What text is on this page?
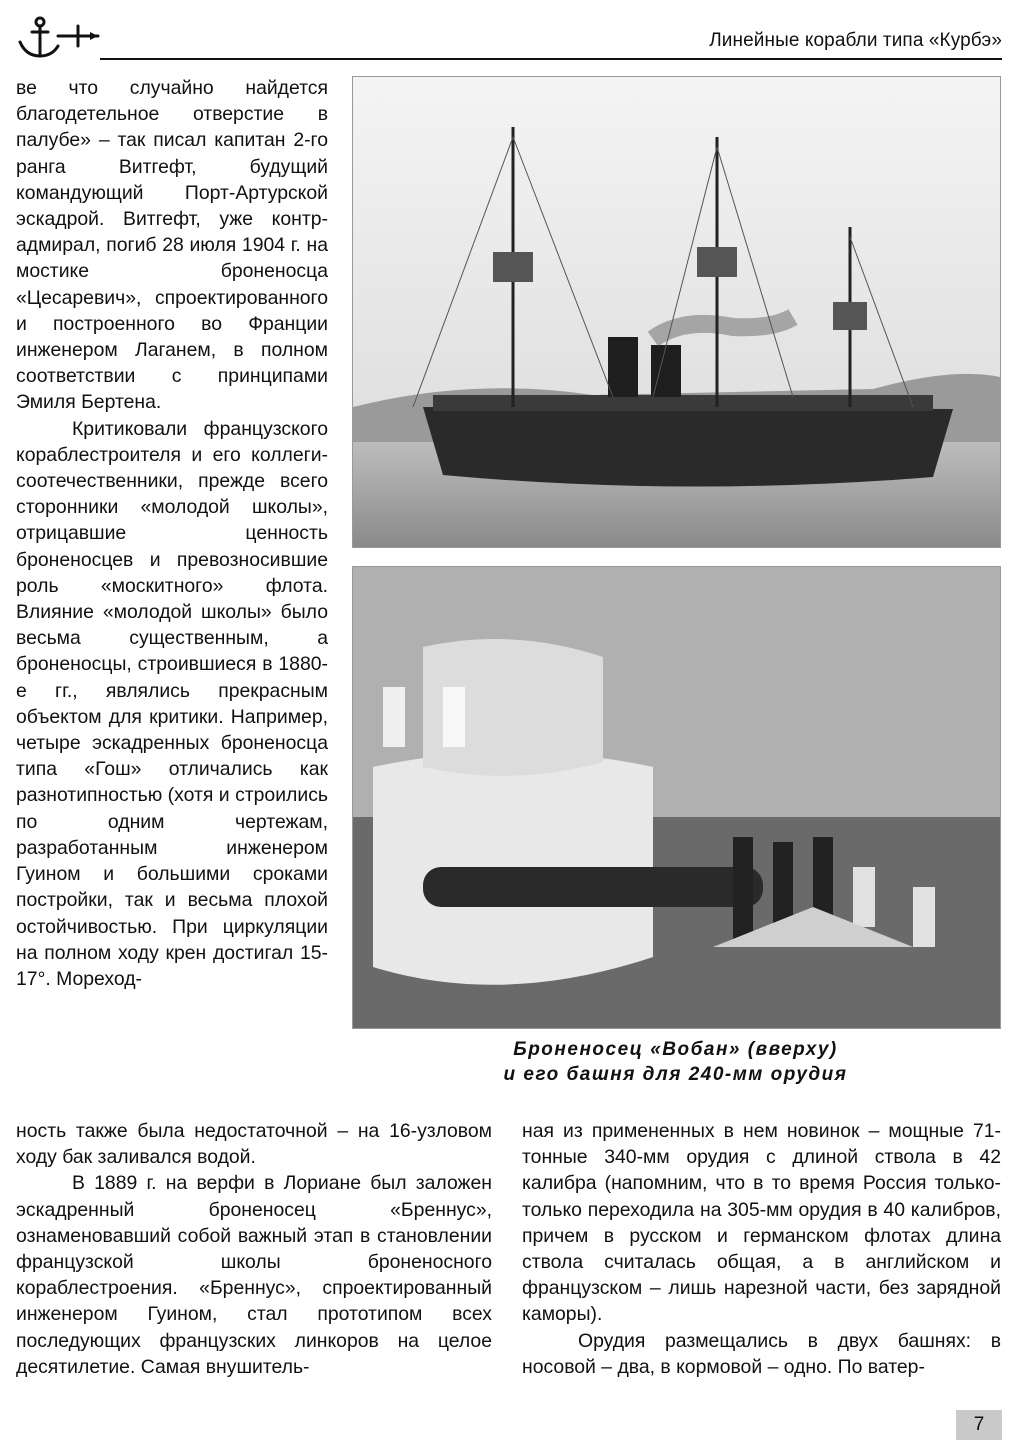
Линейные корабли типа «Курбэ»

ве что случайно найдется благодетельное отверстие в палубе» – так писал капитан 2-го ранга Витгефт, будущий командующий Порт-Артурской эскадрой. Витгефт, уже контр-адмирал, погиб 28 июля 1904 г. на мостике броненосца «Цесаревич», спроектированного и построенного во Франции инженером Лаганем, в полном соответствии с принципами Эмиля Бертена.

Критиковали французского кораблестроителя и его коллеги-соотечественники, прежде всего сторонники «молодой школы», отрицавшие ценность броненосцев и превозносившие роль «москитного» флота. Влияние «молодой школы» было весьма существенным, а броненосцы, строившиеся в 1880-е гг., являлись прекрасным объектом для критики. Например, четыре эскадренных броненосца типа «Гош» отличались как разнотипностью (хотя и строились по одним чертежам, разработанным инженером Гуином и большими сроками постройки, так и весьма плохой остойчивостью. При циркуляции на полном ходу крен достигал 15-17°. Мореход-

Броненосец «Вобан» (вверху)
и его башня для 240-мм орудия

ность также была недостаточной – на 16-узловом ходу бак заливался водой.

В 1889 г. на верфи в Лориане был заложен эскадренный броненосец «Бреннус», ознаменовавший собой важный этап в становлении французской школы броненосного кораблестроения. «Бреннус», спроектированный инженером Гуином, стал прототипом всех последующих французских линкоров на целое десятилетие. Самая внушитель-

ная из примененных в нем новинок – мощные 71-тонные 340-мм орудия с длиной ствола в 42 калибра (напомним, что в то время Россия только-только переходила на 305-мм орудия в 40 калибров, причем в русском и германском флотах длина ствола считалась общая, а в английском и французском – лишь нарезной части, без зарядной каморы).

Орудия размещались в двух башнях: в носовой – два, в кормовой – одно. По ватер-

7
